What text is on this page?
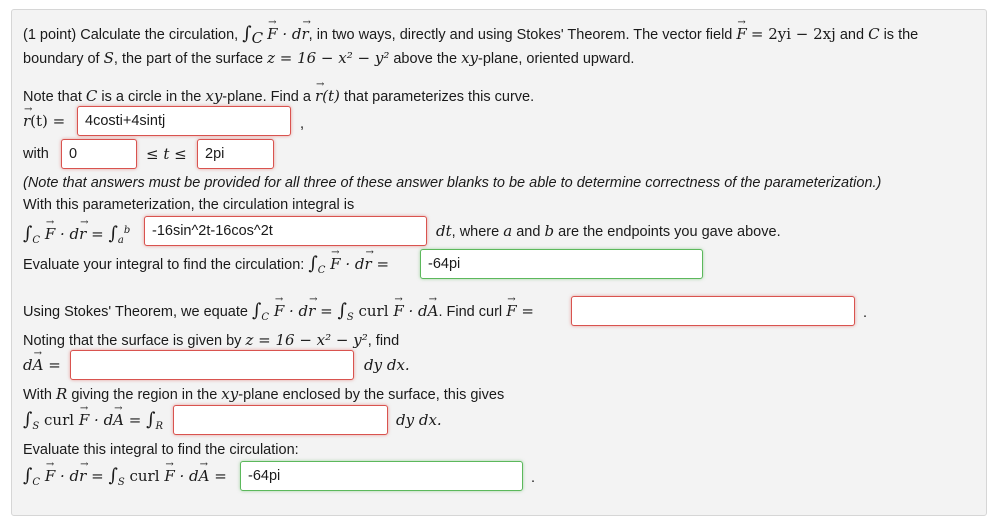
(1 point) Calculate the circulation, $\int_C \to F \cdot d\to r$, in two ways, directly and using Stokes' Theorem. The vector field → F = 2yi − 2xj and C is the
boundary of S, the part of the surface z = 16 − x² − y² above the xy-plane, oriented upward.
Note that C is a circle in the xy-plane. Find a → r(t) that parameterizes this curve.
→ r(t) =
4costi+4sintj	,
with
0	≤ t ≤
2pi
(Note that answers must be provided for all three of these answer blanks to be able to determine correctness of the parameterization.)
With this parameterization, the circulation integral is
$\int_C \to F \cdot d\to r = \int_a^b$
-16sin^2t-16cos^2t	dt, where a and b are the endpoints you gave above.
Evaluate your integral to find the circulation: $\int_C \to F \cdot d\to r$ =
-64pi
Using Stokes' Theorem, we equate $\int_C \to F \cdot d\to r = \int_S$ curl → F · d→ A. Find curl → F =	.
Noting that the surface is given by z = 16 − x² − y², find
d→ A =	dy dx.
With R giving the region in the xy-plane enclosed by the surface, this gives
$\int_S$ curl → $F \cdot d\to A = \int_R$	dy dx.
Evaluate this integral to find the circulation:
$\int_C \to F \cdot d\to r = \int_S$ curl → F · d→ A =
-64pi	.
